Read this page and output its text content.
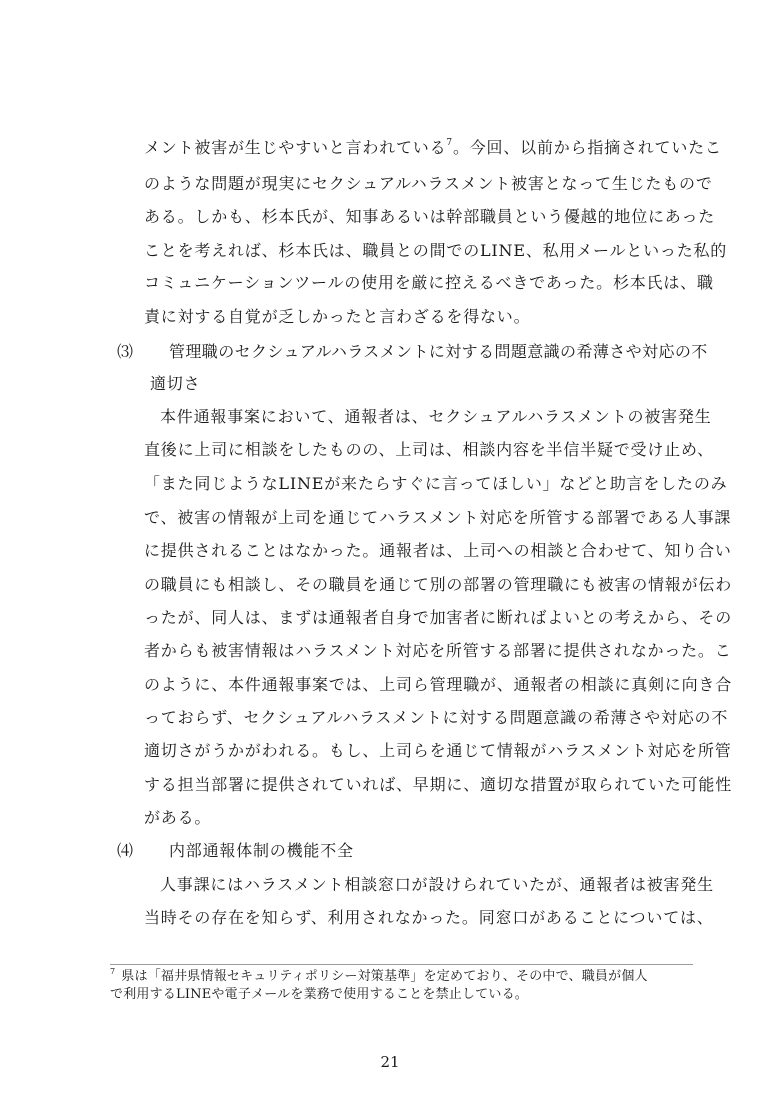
メント被害が生じやすいと言われている$^7$。今回、以前から指摘されていたこ
のような問題が現実にセクシュアルハラスメント被害となって生じたもので
ある。しかも、杉本氏が、知事あるいは幹部職員という優越的地位にあった
ことを考えれば、杉本氏は、職員との間でのLINE、私用メールといった私的
コミュニケーションツールの使用を厳に控えるべきであった。杉本氏は、職
責に対する自覚が乏しかったと言わざるを得ない。
⑶ 管理職のセクシュアルハラスメントに対する問題意識の希薄さや対応の不
適切さ
本件通報事案において、通報者は、セクシュアルハラスメントの被害発生
直後に上司に相談をしたものの、上司は、相談内容を半信半疑で受け止め、
「また同じようなLINEが来たらすぐに言ってほしい」などと助言をしたのみ
で、被害の情報が上司を通じてハラスメント対応を所管する部署である人事課
に提供されることはなかった。通報者は、上司への相談と合わせて、知り合い
の職員にも相談し、その職員を通じて別の部署の管理職にも被害の情報が伝わ
ったが、同人は、まずは通報者自身で加害者に断ればよいとの考えから、その
者からも被害情報はハラスメント対応を所管する部署に提供されなかった。こ
のように、本件通報事案では、上司ら管理職が、通報者の相談に真剣に向き合
っておらず、セクシュアルハラスメントに対する問題意識の希薄さや対応の不
適切さがうかがわれる。もし、上司らを通じて情報がハラスメント対応を所管
する担当部署に提供されていれば、早期に、適切な措置が取られていた可能性
がある。
⑷ 内部通報体制の機能不全
人事課にはハラスメント相談窓口が設けられていたが、通報者は被害発生
当時その存在を知らず、利用されなかった。同窓口があることについては、
$^7$ 県は「福井県情報セキュリティポリシー対策基準」を定めており、その中で、職員が個人
で利用するLINEや電子メールを業務で使用することを禁止している。
21
